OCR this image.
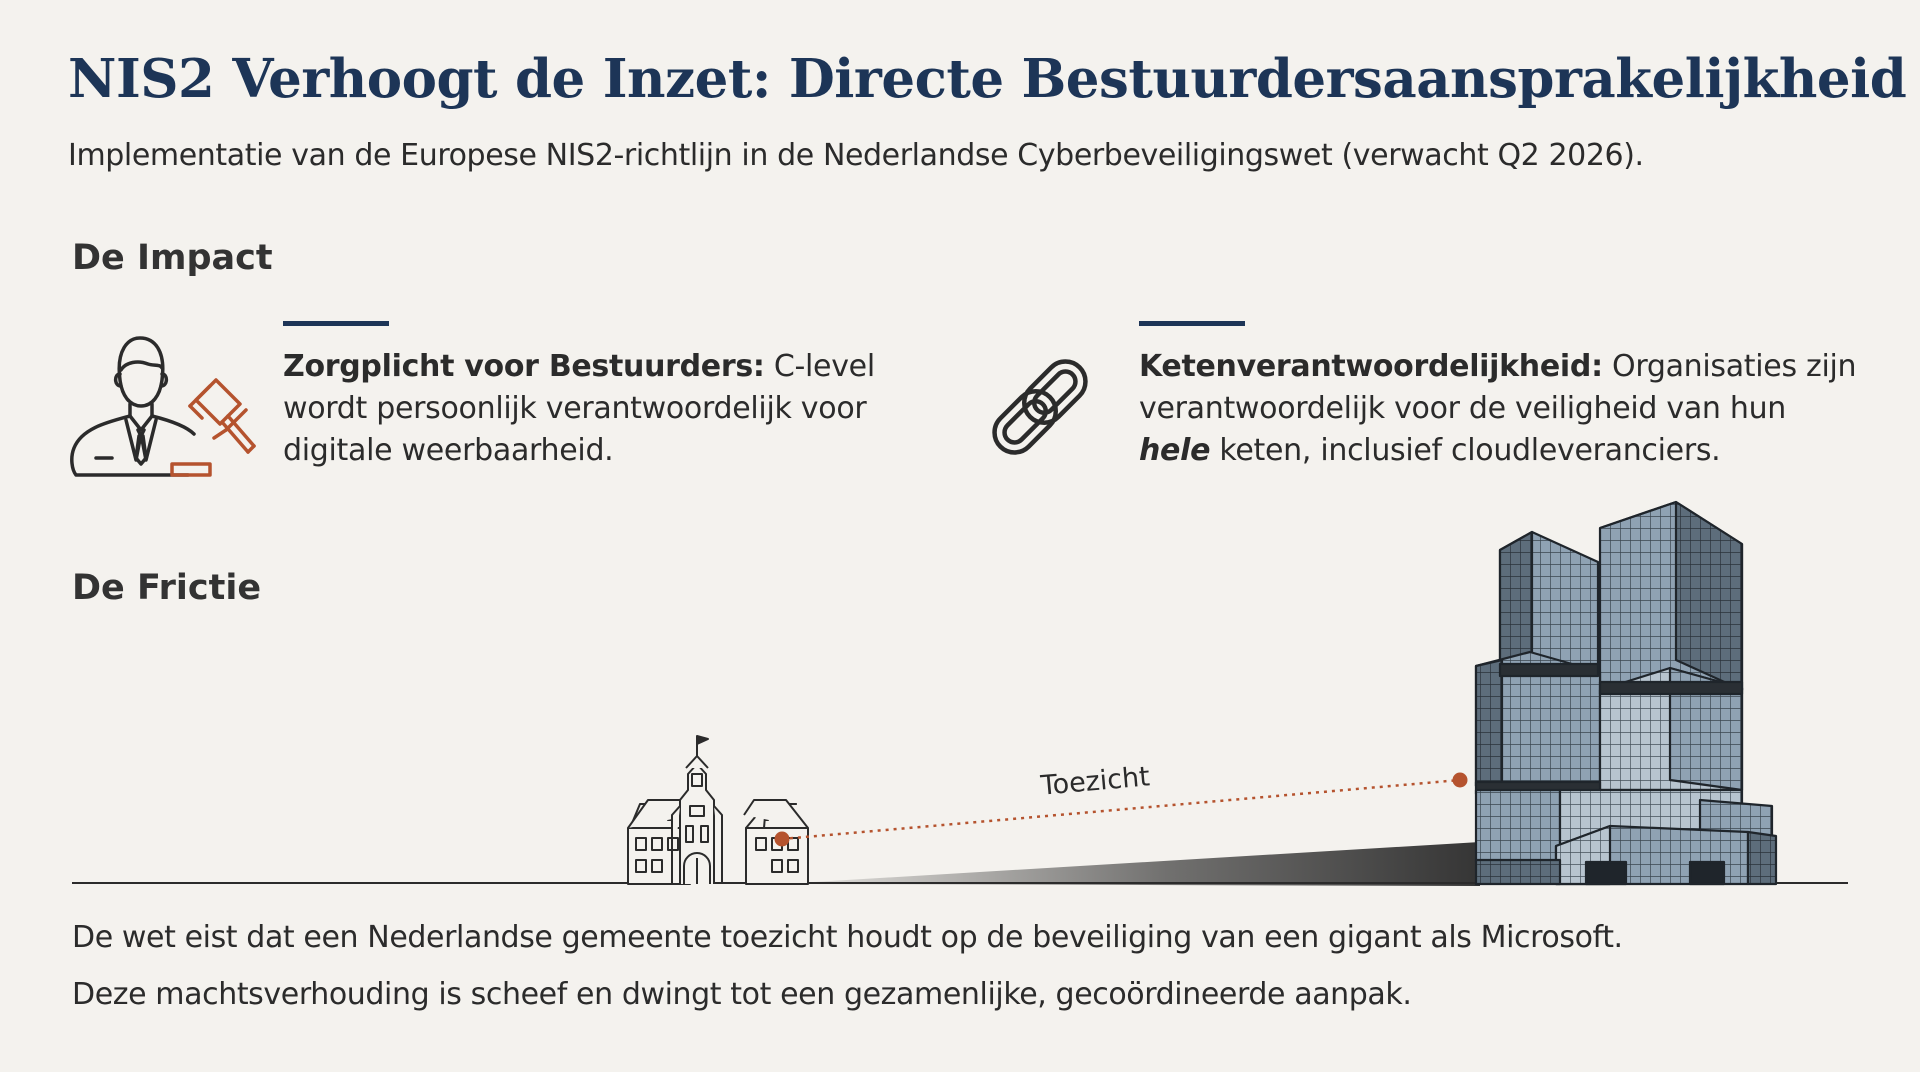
NIS2 Verhoogt de Inzet: Directe Bestuurdersaansprakelijkheid

Implementatie van de Europese NIS2-richtlijn in de Nederlandse Cyberbeveiligingswet (verwacht Q2 2026).

De Impact

Zorgplicht voor Bestuurders: C-level wordt persoonlijk verantwoordelijk voor digitale weerbaarheid.

Ketenverantwoordelijkheid: Organisaties zijn verantwoordelijk voor de veiligheid van hun hele keten, inclusief cloudleveranciers.

De Frictie
Toezicht

De wet eist dat een Nederlandse gemeente toezicht houdt op de beveiliging van een gigant als Microsoft.

Deze machtsverhouding is scheef en dwingt tot een gezamenlijke, gecoördineerde aanpak.
